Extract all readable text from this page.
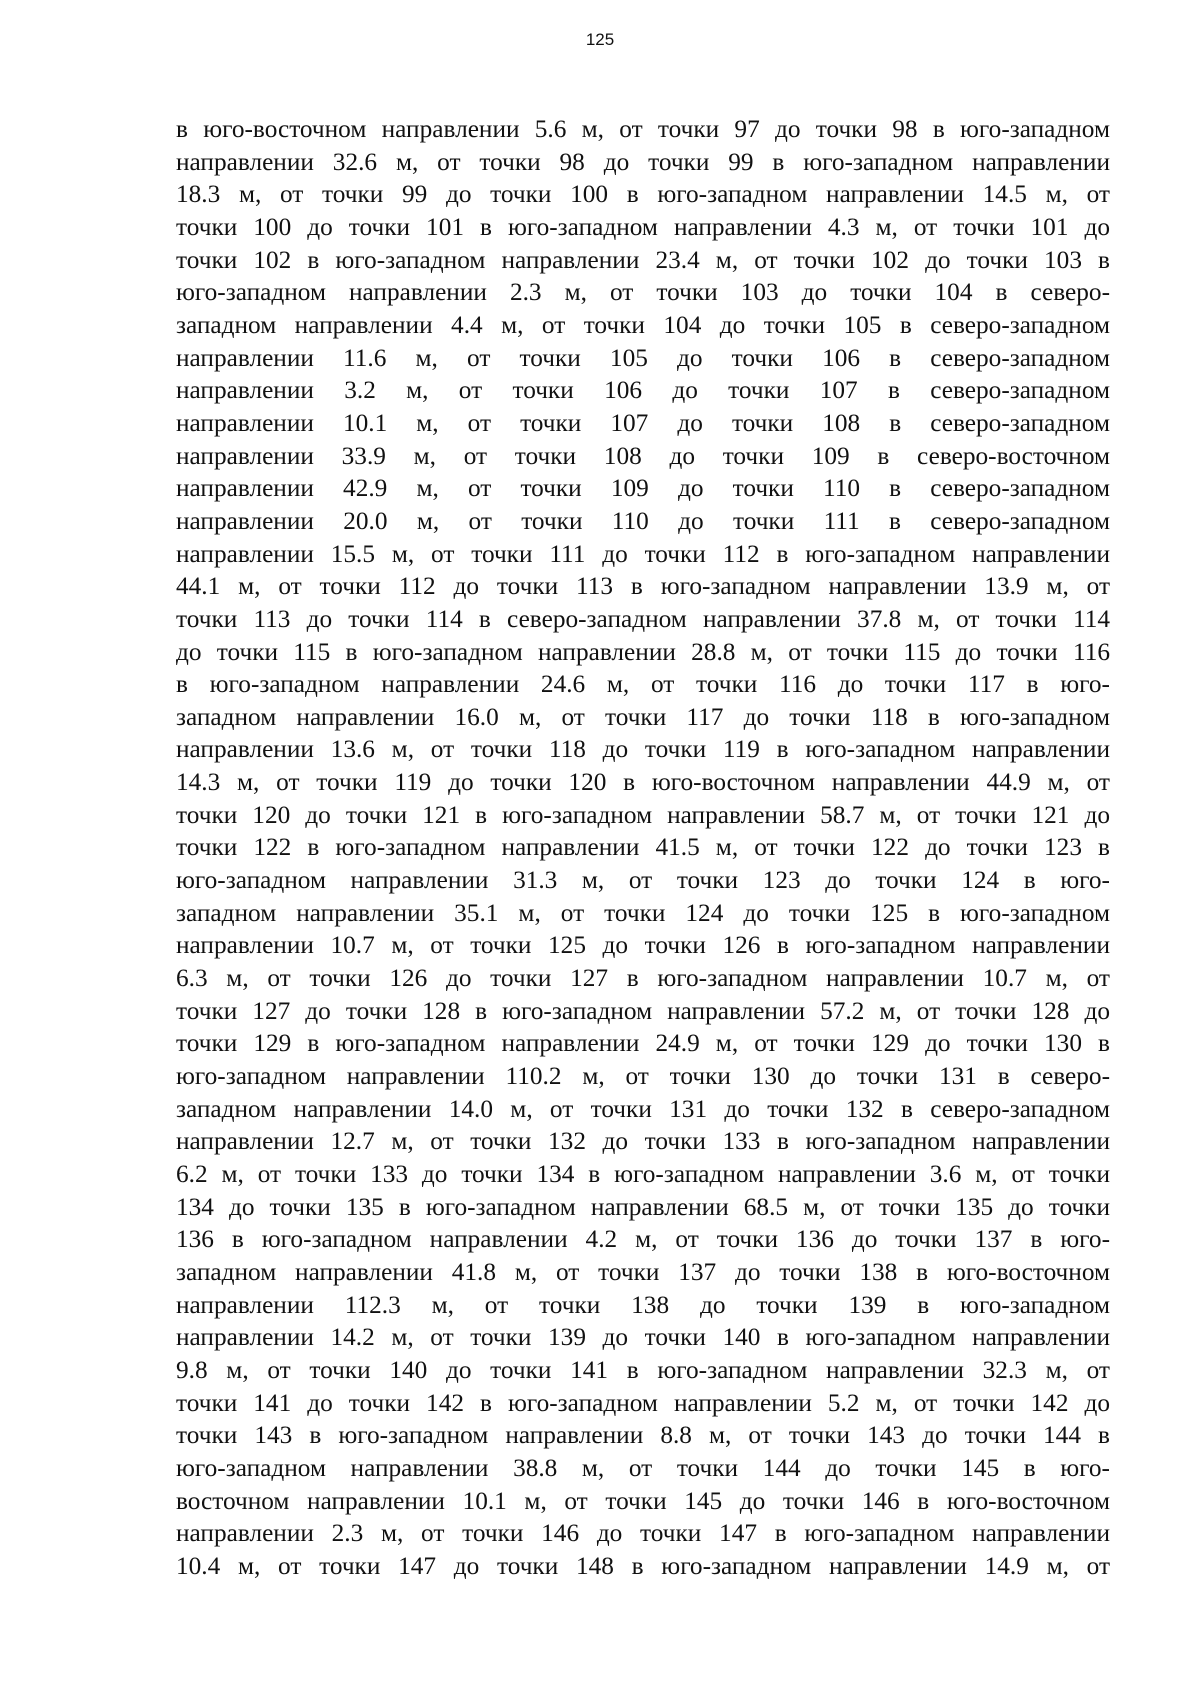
125
в юго-восточном направлении 5.6 м, от точки 97 до точки 98 в юго-западном
направлении 32.6 м, от точки 98 до точки 99 в юго-западном направлении
18.3 м, от точки 99 до точки 100 в юго-западном направлении 14.5 м, от
точки 100 до точки 101 в юго-западном направлении 4.3 м, от точки 101 до
точки 102 в юго-западном направлении 23.4 м, от точки 102 до точки 103 в
юго-западном направлении 2.3 м, от точки 103 до точки 104 в северо-
западном направлении 4.4 м, от точки 104 до точки 105 в северо-западном
направлении 11.6 м, от точки 105 до точки 106 в северо-западном
направлении 3.2 м, от точки 106 до точки 107 в северо-западном
направлении 10.1 м, от точки 107 до точки 108 в северо-западном
направлении 33.9 м, от точки 108 до точки 109 в северо-восточном
направлении 42.9 м, от точки 109 до точки 110 в северо-западном
направлении 20.0 м, от точки 110 до точки 111 в северо-западном
направлении 15.5 м, от точки 111 до точки 112 в юго-западном направлении
44.1 м, от точки 112 до точки 113 в юго-западном направлении 13.9 м, от
точки 113 до точки 114 в северо-западном направлении 37.8 м, от точки 114
до точки 115 в юго-западном направлении 28.8 м, от точки 115 до точки 116
в юго-западном направлении 24.6 м, от точки 116 до точки 117 в юго-
западном направлении 16.0 м, от точки 117 до точки 118 в юго-западном
направлении 13.6 м, от точки 118 до точки 119 в юго-западном направлении
14.3 м, от точки 119 до точки 120 в юго-восточном направлении 44.9 м, от
точки 120 до точки 121 в юго-западном направлении 58.7 м, от точки 121 до
точки 122 в юго-западном направлении 41.5 м, от точки 122 до точки 123 в
юго-западном направлении 31.3 м, от точки 123 до точки 124 в юго-
западном направлении 35.1 м, от точки 124 до точки 125 в юго-западном
направлении 10.7 м, от точки 125 до точки 126 в юго-западном направлении
6.3 м, от точки 126 до точки 127 в юго-западном направлении 10.7 м, от
точки 127 до точки 128 в юго-западном направлении 57.2 м, от точки 128 до
точки 129 в юго-западном направлении 24.9 м, от точки 129 до точки 130 в
юго-западном направлении 110.2 м, от точки 130 до точки 131 в северо-
западном направлении 14.0 м, от точки 131 до точки 132 в северо-западном
направлении 12.7 м, от точки 132 до точки 133 в юго-западном направлении
6.2 м, от точки 133 до точки 134 в юго-западном направлении 3.6 м, от точки
134 до точки 135 в юго-западном направлении 68.5 м, от точки 135 до точки
136 в юго-западном направлении 4.2 м, от точки 136 до точки 137 в юго-
западном направлении 41.8 м, от точки 137 до точки 138 в юго-восточном
направлении 112.3 м, от точки 138 до точки 139 в юго-западном
направлении 14.2 м, от точки 139 до точки 140 в юго-западном направлении
9.8 м, от точки 140 до точки 141 в юго-западном направлении 32.3 м, от
точки 141 до точки 142 в юго-западном направлении 5.2 м, от точки 142 до
точки 143 в юго-западном направлении 8.8 м, от точки 143 до точки 144 в
юго-западном направлении 38.8 м, от точки 144 до точки 145 в юго-
восточном направлении 10.1 м, от точки 145 до точки 146 в юго-восточном
направлении 2.3 м, от точки 146 до точки 147 в юго-западном направлении
10.4 м, от точки 147 до точки 148 в юго-западном направлении 14.9 м, от
